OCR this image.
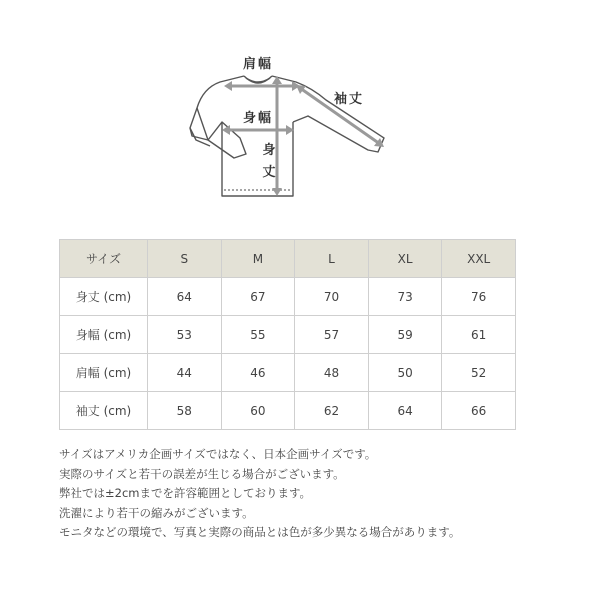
肩幅
袖丈
身幅
身
丈
サイズ	S	M	L	XL	XXL
身丈 (cm)	64	67	70	73	76
身幅 (cm)	53	55	57	59	61
肩幅 (cm)	44	46	48	50	52
袖丈 (cm)	58	60	62	64	66
サイズはアメリカ企画サイズではなく、日本企画サイズです。
実際のサイズと若干の誤差が生じる場合がございます。
弊社では±2cmまでを許容範囲としております。
洗濯により若干の縮みがございます。
モニタなどの環境で、写真と実際の商品とは色が多少異なる場合があります。
